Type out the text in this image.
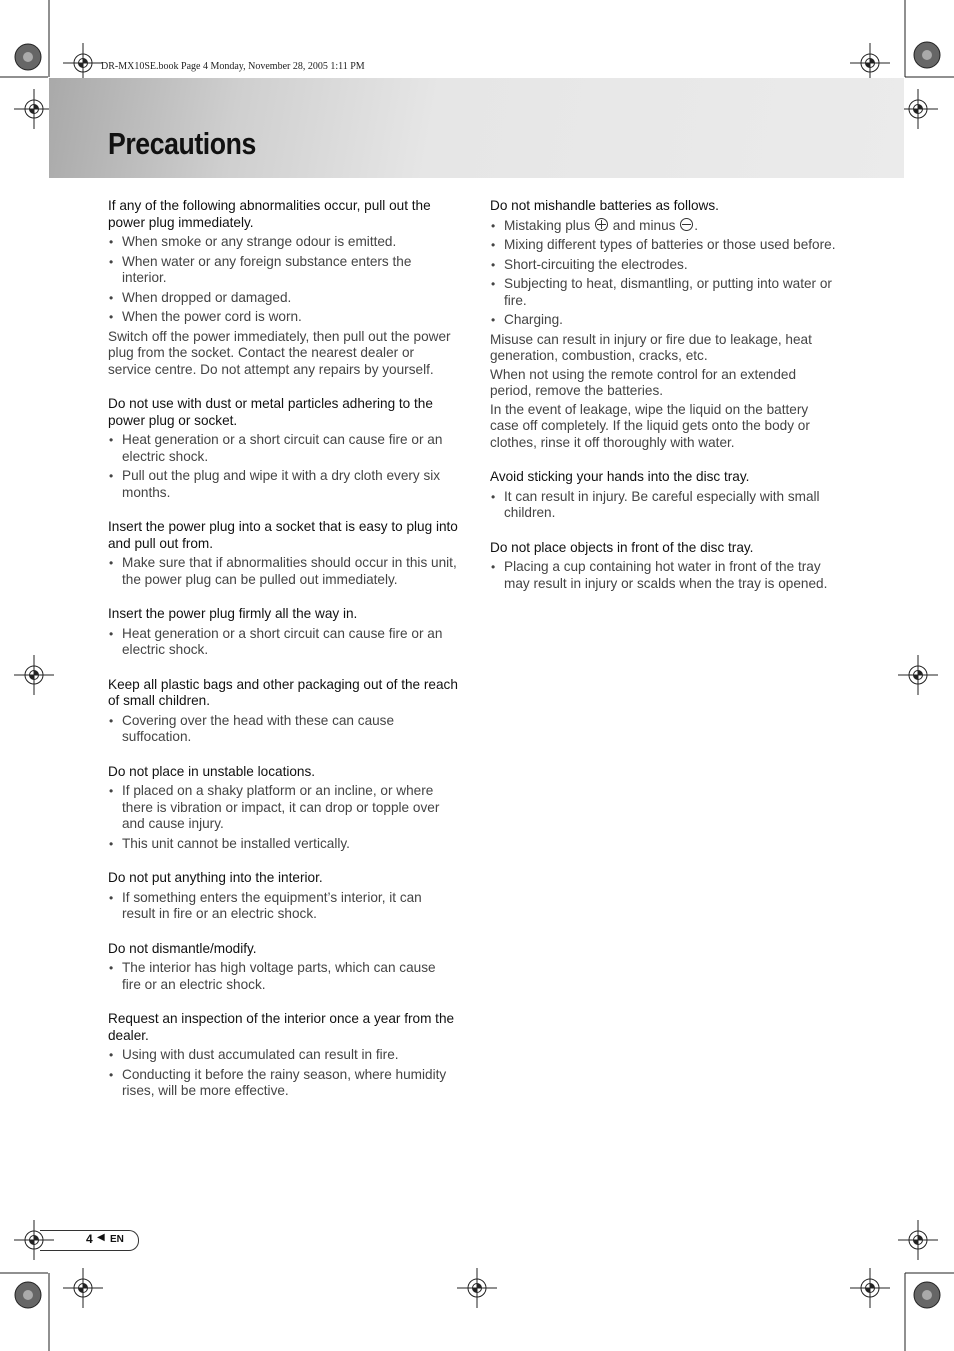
DR-MX10SE.book Page 4 Monday, November 28, 2005 1:11 PM
Precautions
If any of the following abnormalities occur, pull out the power plug immediately.
• When smoke or any strange odour is emitted.
• When water or any foreign substance enters the interior.
• When dropped or damaged.
• When the power cord is worn.
Switch off the power immediately, then pull out the power plug from the socket. Contact the nearest dealer or service centre. Do not attempt any repairs by yourself.
Do not use with dust or metal particles adhering to the power plug or socket.
• Heat generation or a short circuit can cause fire or an electric shock.
• Pull out the plug and wipe it with a dry cloth every six months.
Insert the power plug into a socket that is easy to plug into and pull out from.
• Make sure that if abnormalities should occur in this unit, the power plug can be pulled out immediately.
Insert the power plug firmly all the way in.
• Heat generation or a short circuit can cause fire or an electric shock.
Keep all plastic bags and other packaging out of the reach of small children.
• Covering over the head with these can cause suffocation.
Do not place in unstable locations.
• If placed on a shaky platform or an incline, or where there is vibration or impact, it can drop or topple over and cause injury.
• This unit cannot be installed vertically.
Do not put anything into the interior.
• If something enters the equipment’s interior, it can result in fire or an electric shock.
Do not dismantle/modify.
• The interior has high voltage parts, which can cause fire or an electric shock.
Request an inspection of the interior once a year from the dealer.
• Using with dust accumulated can result in fire.
• Conducting it before the rainy season, where humidity rises, will be more effective.
Do not mishandle batteries as follows.
• Mistaking plus and minus .
• Mixing different types of batteries or those used before.
• Short-circuiting the electrodes.
• Subjecting to heat, dismantling, or putting into water or fire.
• Charging.
Misuse can result in injury or fire due to leakage, heat generation, combustion, cracks, etc.
When not using the remote control for an extended period, remove the batteries.
In the event of leakage, wipe the liquid on the battery case off completely. If the liquid gets onto the body or clothes, rinse it off thoroughly with water.
Avoid sticking your hands into the disc tray.
• It can result in injury. Be careful especially with small children.
Do not place objects in front of the disc tray.
• Placing a cup containing hot water in front of the tray may result in injury or scalds when the tray is opened.
4 ◀ EN
